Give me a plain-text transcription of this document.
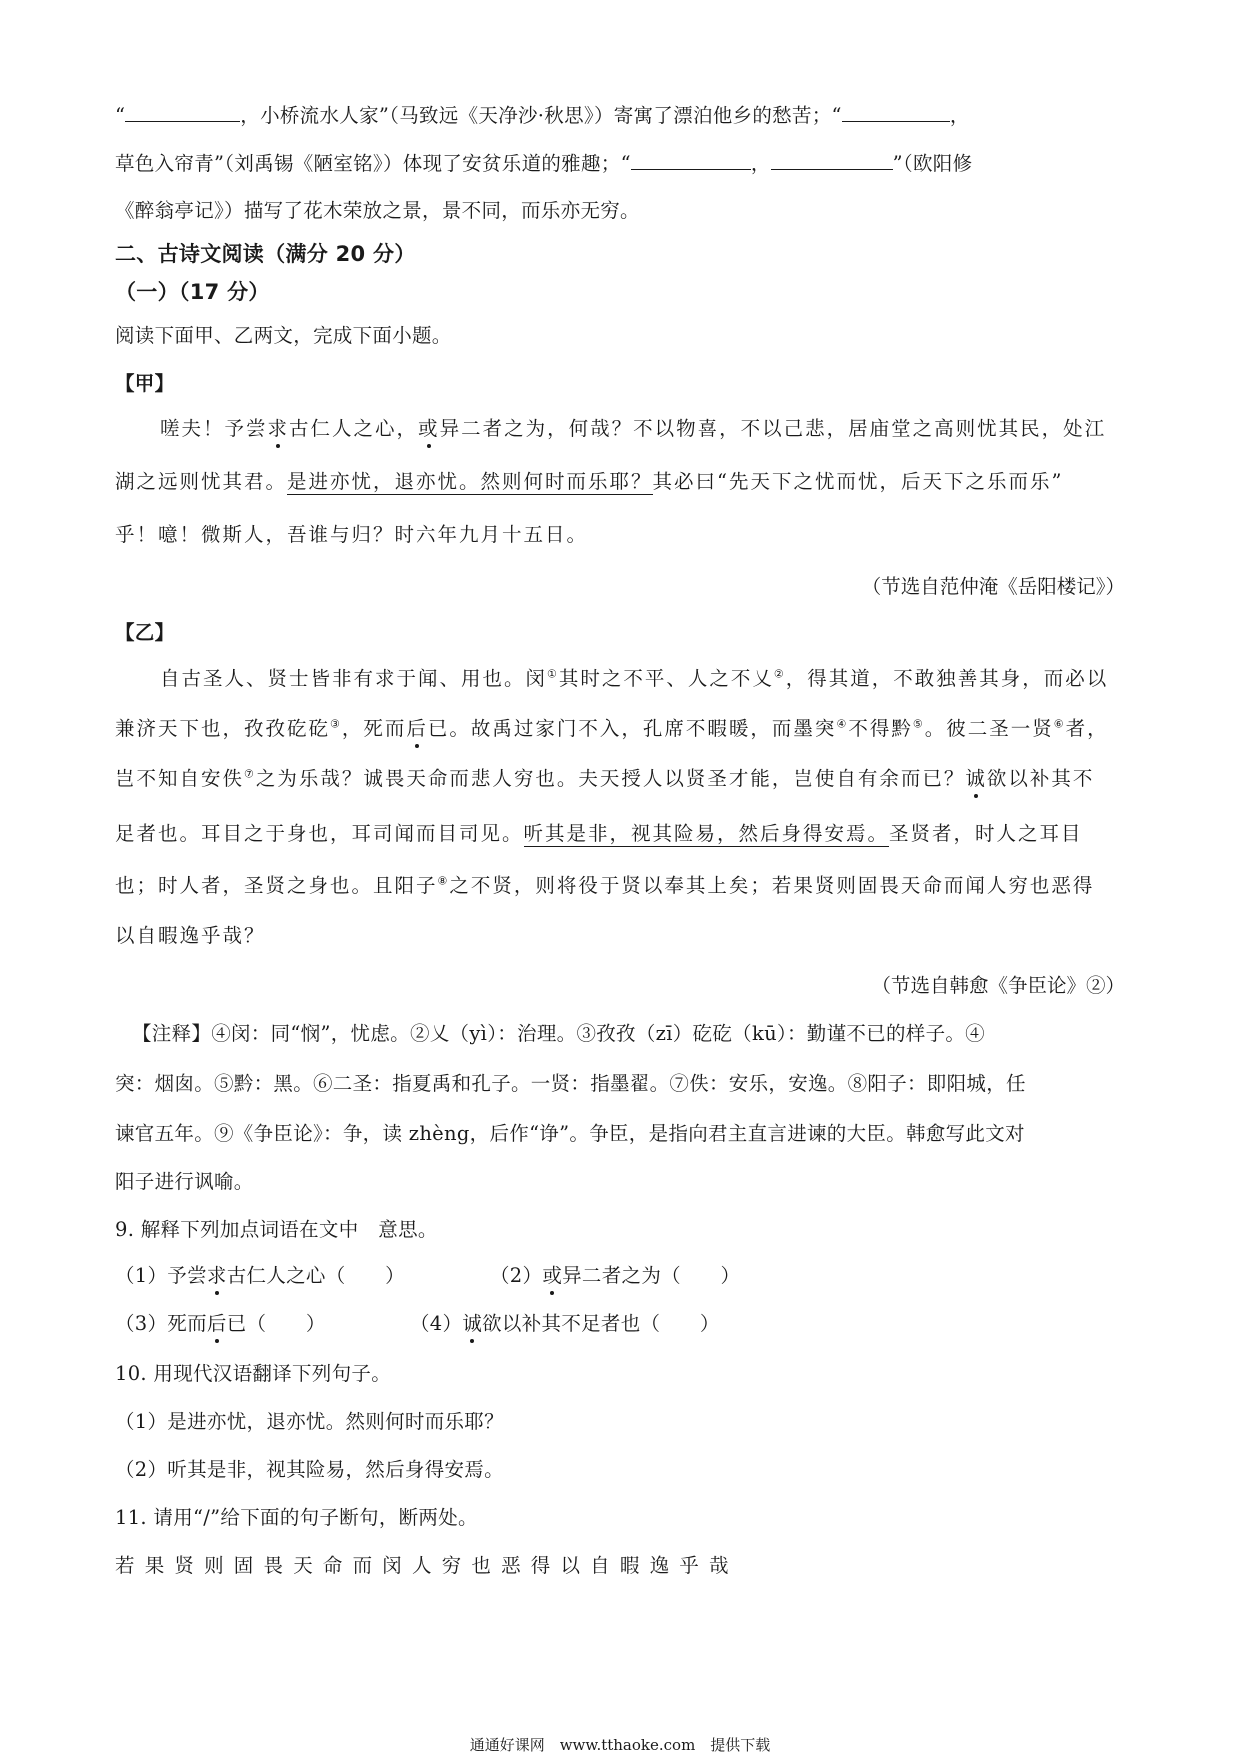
“	，小桥流水人家”（马致远《天净沙·秋思》）寄寓了漂泊他乡的愁苦；“	，
草色入帘青”（刘禹锡《陋室铭》）体现了安贫乐道的雅趣；“	，	”（欧阳修
《醉翁亭记》）描写了花木荣放之景，景不同，而乐亦无穷。
二、古诗文阅读（满分 20 分）
（一）（17 分）
阅读下面甲、乙两文，完成下面小题。
【甲】
嗟夫！予尝求古仁人之心，或异二者之为，何哉？不以物喜，不以己悲，居庙堂之高则忧其民，处江
湖之远则忧其君。是进亦忧，退亦忧。然则何时而乐耶？其必曰“先天下之忧而忧，后天下之乐而乐”
乎！噫！微斯人，吾谁与归？时六年九月十五日。
（节选自范仲淹《岳阳楼记》）
【乙】
自古圣人、贤士皆非有求于闻、用也。闵①其时之不平、人之不乂②，得其道，不敢独善其身，而必以
兼济天下也，孜孜矻矻③，死而后已。故禹过家门不入，孔席不暇暖，而墨突④不得黔⑤。彼二圣一贤⑥者，
岂不知自安佚⑦之为乐哉？诚畏天命而悲人穷也。夫天授人以贤圣才能，岂使自有余而已？诚欲以补其不
足者也。耳目之于身也，耳司闻而目司见。听其是非，视其险易，然后身得安焉。圣贤者，时人之耳目
也；时人者，圣贤之身也。且阳子⑧之不贤，则将役于贤以奉其上矣；若果贤则固畏天命而闻人穷也恶得
以自暇逸乎哉？
（节选自韩愈《争臣论》②）
【注释】④闵：同“悯”，忧虑。②乂（yì）：治理。③孜孜（zī）矻矻（kū）：勤谨不已的样子。④
突：烟囱。⑤黔：黑。⑥二圣：指夏禹和孔子。一贤：指墨翟。⑦佚：安乐，安逸。⑧阳子：即阳城，任
谏官五年。⑨《争臣论》：争，读 zhèng，后作“诤”。争臣，是指向君主直言进谏的大臣。韩愈写此文对
阳子进行讽喻。
9. 解释下列加点词语在文中　意思。
（1）予尝求古仁人之心（　　）	（2）或异二者之为（　　）
（3）死而后已（　　）	（4）诚欲以补其不足者也（　　）
10. 用现代汉语翻译下列句子。
（1）是进亦忧，退亦忧。然则何时而乐耶？
（2）听其是非，视其险易，然后身得安焉。
11. 请用“/”给下面的句子断句，断两处。
若 果 贤 则 固 畏 天 命 而 闵 人 穷 也 恶 得 以 自 暇 逸 乎 哉
通通好课网　www.tthaoke.com　提供下载
